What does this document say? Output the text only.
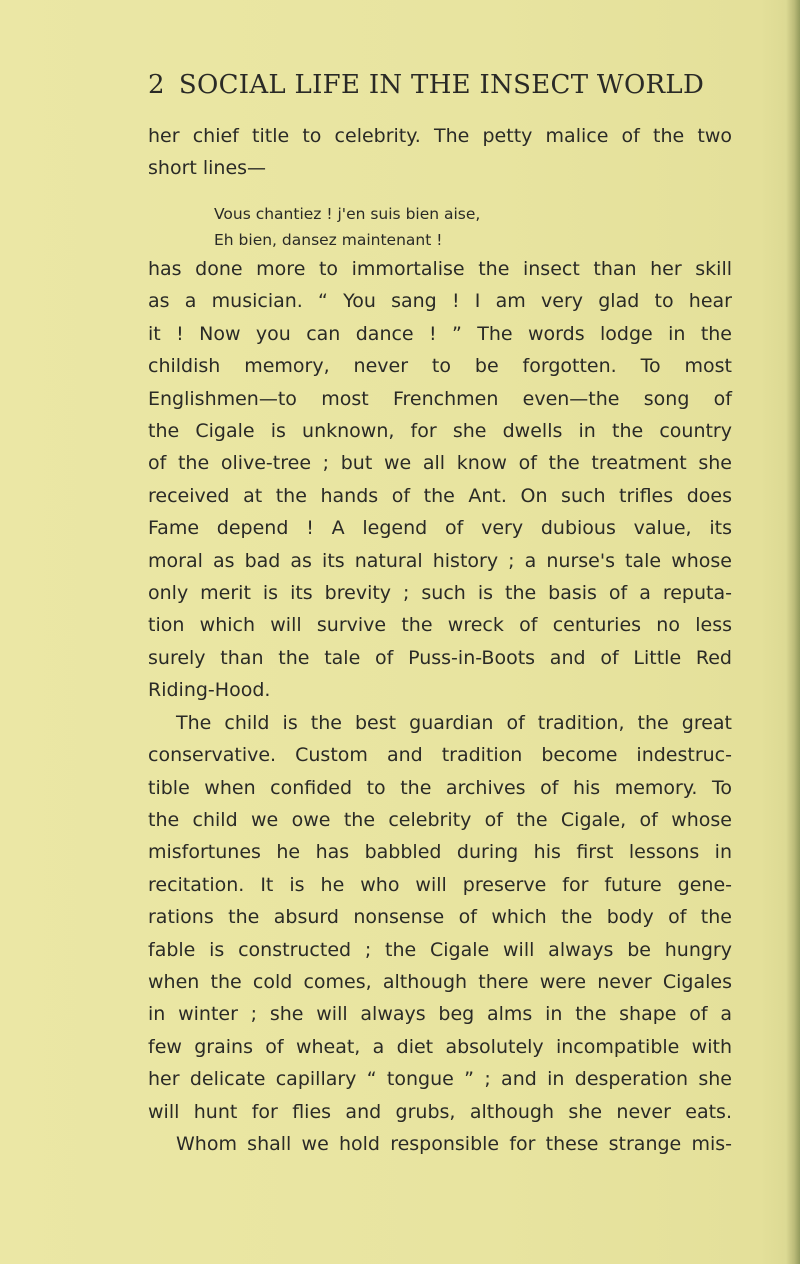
2 SOCIAL LIFE IN THE INSECT WORLD
her chief title to celebrity. The petty malice of the two
short lines—
Vous chantiez ! j'en suis bien aise,
Eh bien, dansez maintenant !
has done more to immortalise the insect than her skill
as a musician. “ You sang ! I am very glad to hear
it ! Now you can dance ! ” The words lodge in the
childish memory, never to be forgotten. To most
Englishmen—to most Frenchmen even—the song of
the Cigale is unknown, for she dwells in the country
of the olive-tree ; but we all know of the treatment she
received at the hands of the Ant. On such trifles does
Fame depend ! A legend of very dubious value, its
moral as bad as its natural history ; a nurse's tale whose
only merit is its brevity ; such is the basis of a reputa-
tion which will survive the wreck of centuries no less
surely than the tale of Puss-in-Boots and of Little Red
Riding-Hood.
The child is the best guardian of tradition, the great
conservative. Custom and tradition become indestruc-
tible when confided to the archives of his memory. To
the child we owe the celebrity of the Cigale, of whose
misfortunes he has babbled during his first lessons in
recitation. It is he who will preserve for future gene-
rations the absurd nonsense of which the body of the
fable is constructed ; the Cigale will always be hungry
when the cold comes, although there were never Cigales
in winter ; she will always beg alms in the shape of a
few grains of wheat, a diet absolutely incompatible with
her delicate capillary “ tongue ” ; and in desperation she
will hunt for flies and grubs, although she never eats.
Whom shall we hold responsible for these strange mis-
